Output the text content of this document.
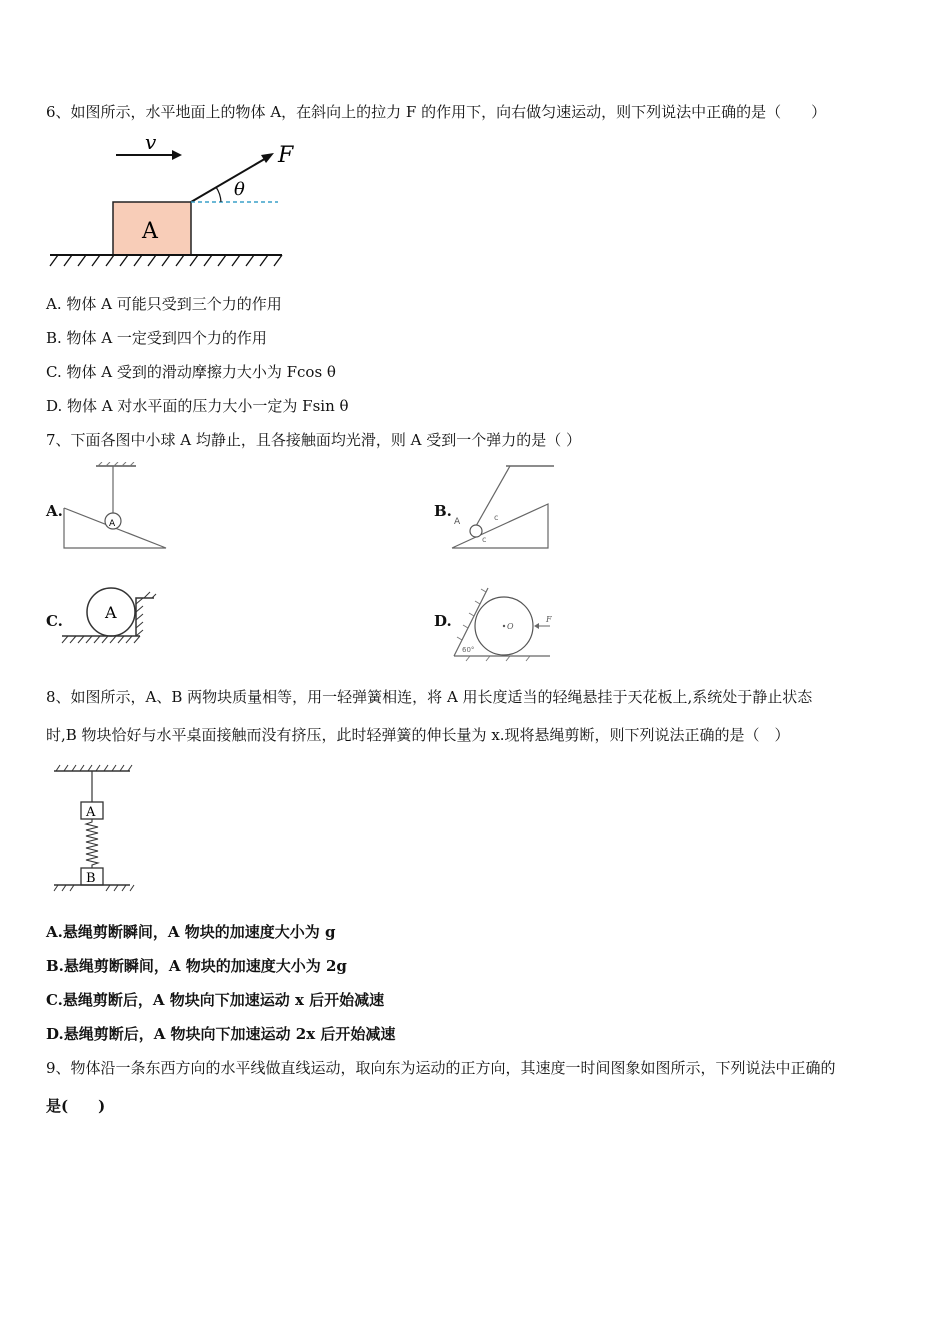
6、如图所示，水平地面上的物体 A，在斜向上的拉力 F 的作用下，向右做匀速运动，则下列说法中正确的是（　　）
v
A
F
θ
A. 物体 A 可能只受到三个力的作用
B. 物体 A 一定受到四个力的作用
C. 物体 A 受到的滑动摩擦力大小为 Fcos θ
D. 物体 A 对水平面的压力大小一定为 Fsin θ
7、下面各图中小球 A 均静止，且各接触面均光滑，则 A 受到一个弹力的是（ ）
A.
A
B.
A	c
c
C.	A	D.	O
F
60°
8、如图所示，A、B 两物块质量相等，用一轻弹簧相连，将 A 用长度适当的轻绳悬挂于天花板上,系统处于静止状态
时,B 物块恰好与水平桌面接触而没有挤压，此时轻弹簧的伸长量为 x.现将悬绳剪断，则下列说法正确的是（　）
A
B
A.悬绳剪断瞬间，A 物块的加速度大小为 g
B.悬绳剪断瞬间，A 物块的加速度大小为 2g
C.悬绳剪断后，A 物块向下加速运动 x 后开始减速
D.悬绳剪断后，A 物块向下加速运动 2x 后开始减速
9、物体沿一条东西方向的水平线做直线运动，取向东为运动的正方向，其速度一时间图象如图所示，下列说法中正确的
是(　　)
